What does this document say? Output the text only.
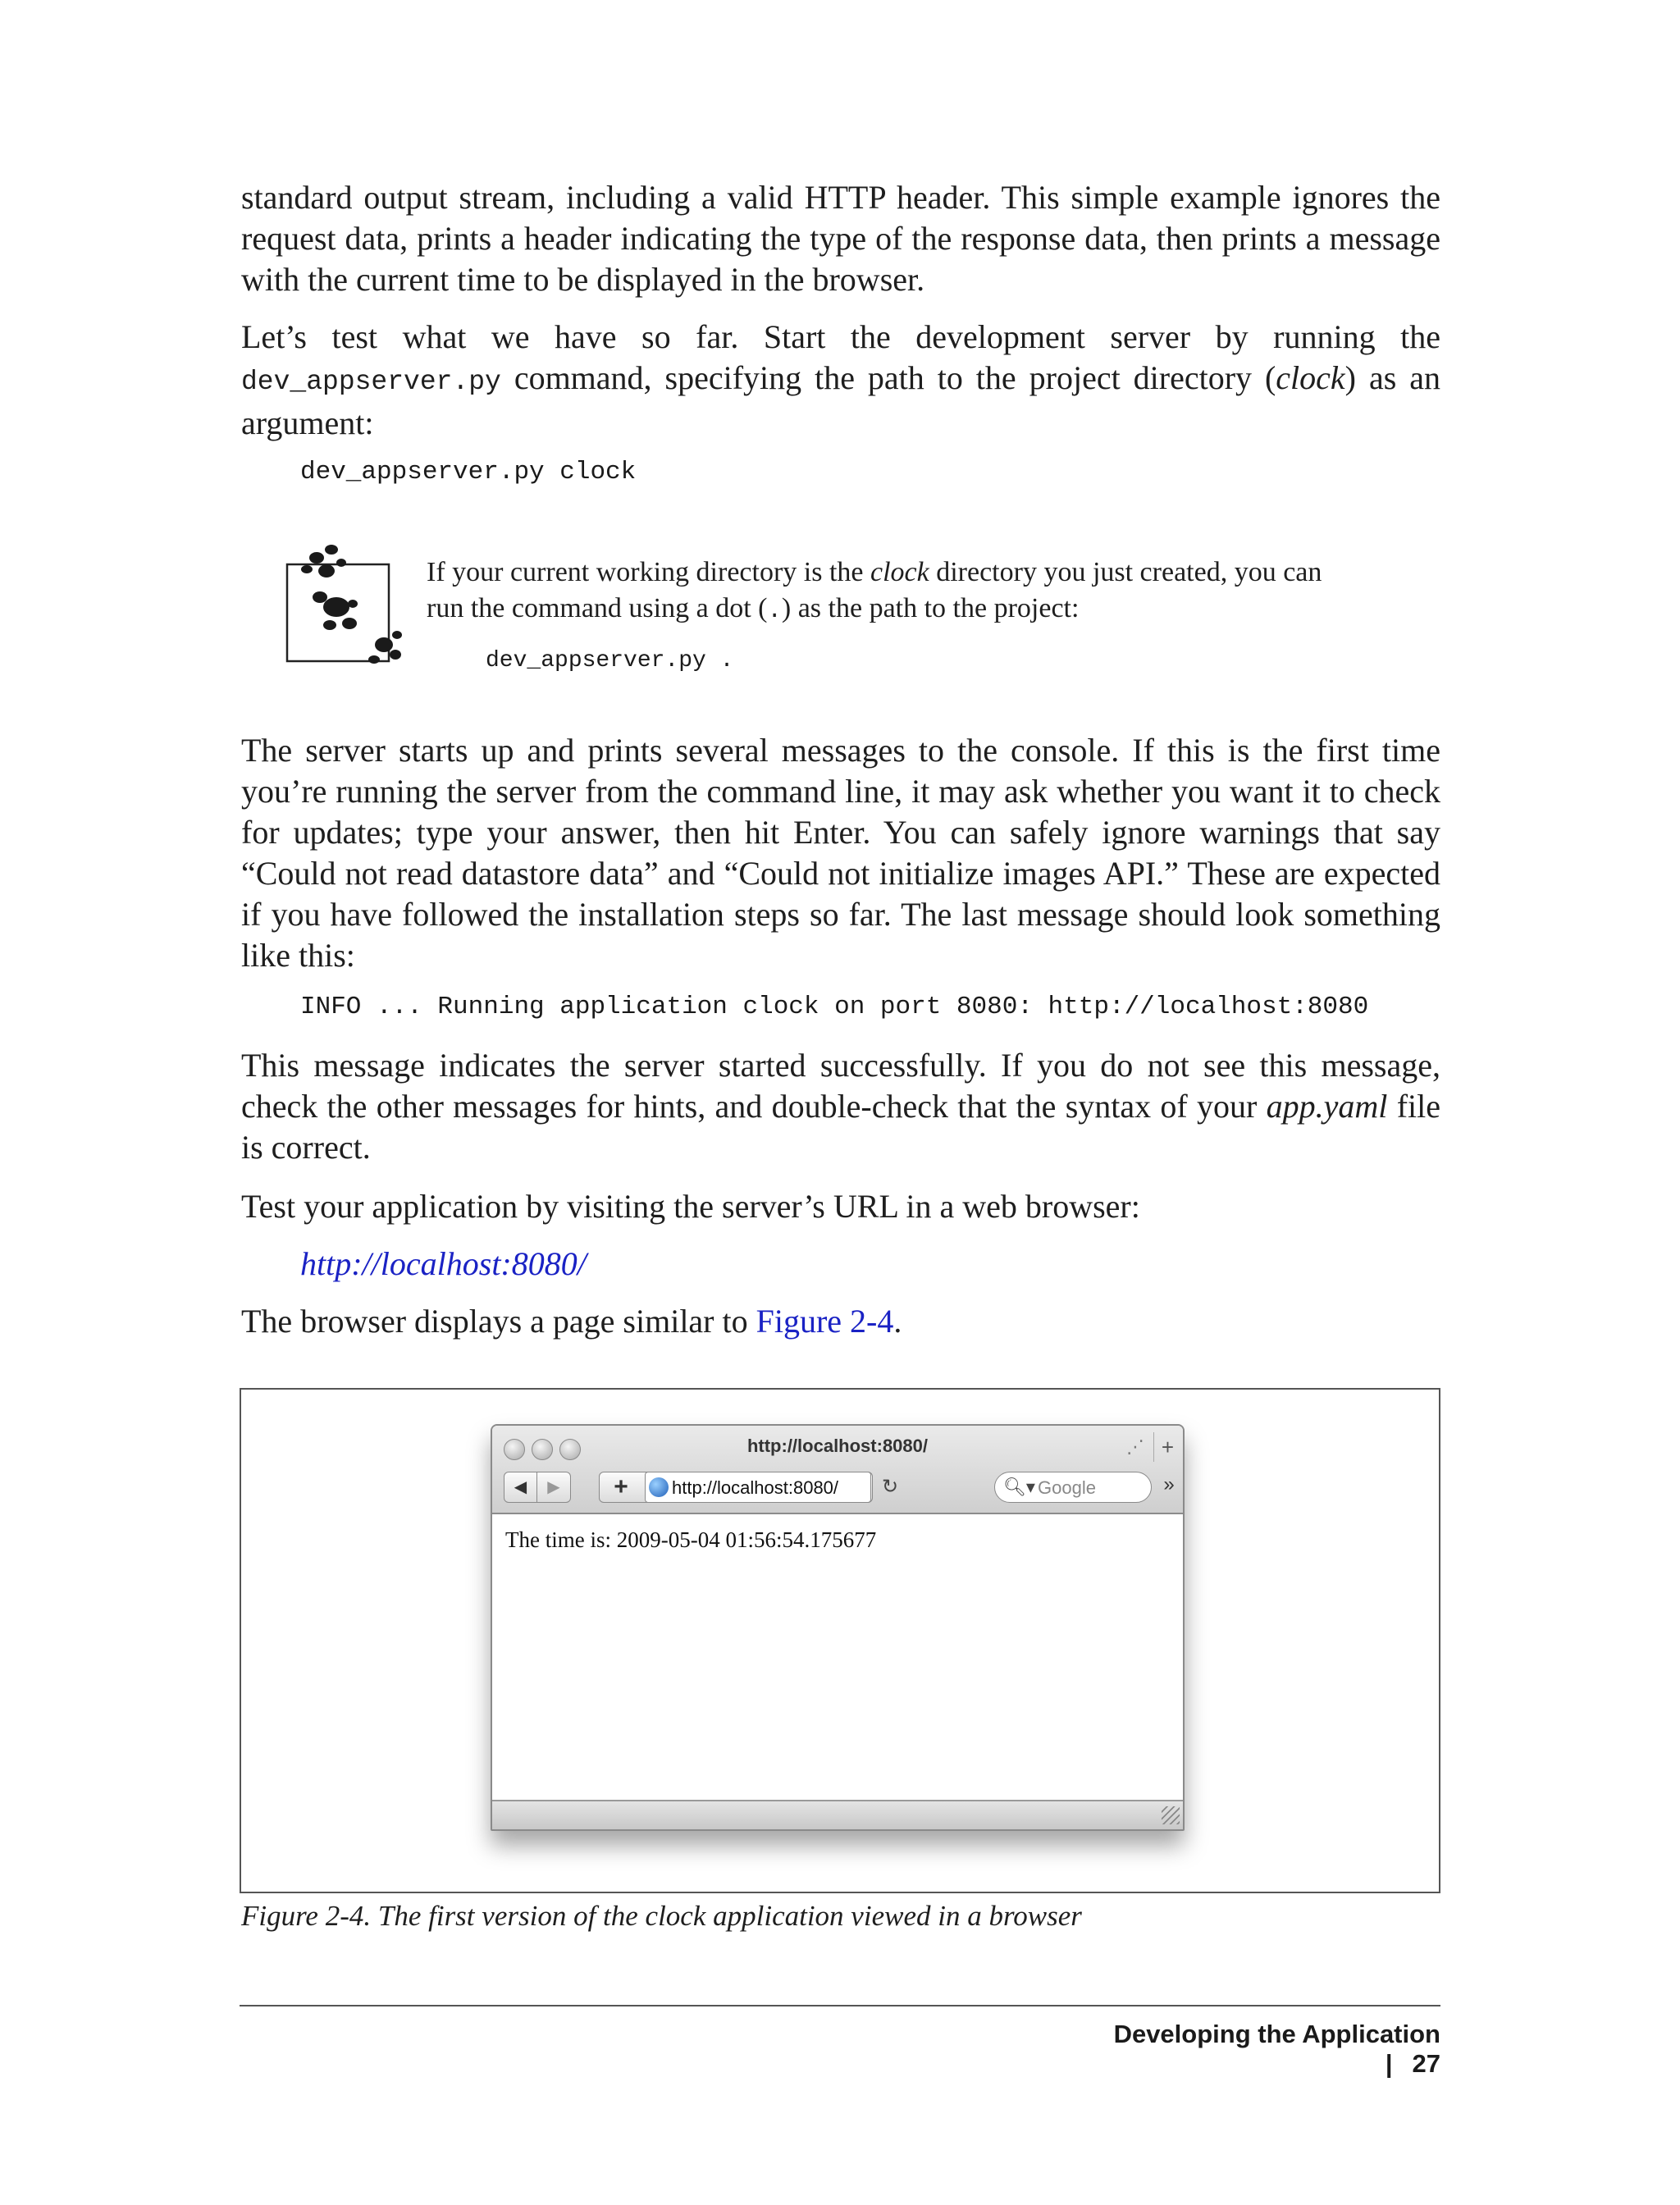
standard output stream, including a valid HTTP header. This simple example ignores the request data, prints a header indicating the type of the response data, then prints a message with the current time to be displayed in the browser.

Let’s test what we have so far. Start the development server by running the dev_appserver.py command, specifying the path to the project directory (clock) as an argument:

dev_appserver.py clock

If your current working directory is the clock directory you just created, you can run the command using a dot (.) as the path to the project:

dev_appserver.py .

The server starts up and prints several messages to the console. If this is the first time you’re running the server from the command line, it may ask whether you want it to check for updates; type your answer, then hit Enter. You can safely ignore warnings that say “Could not read datastore data” and “Could not initialize images API.” These are expected if you have followed the installation steps so far. The last message should look something like this:

INFO ... Running application clock on port 8080: http://localhost:8080

This message indicates the server started successfully. If you do not see this message, check the other messages for hints, and double-check that the syntax of your app.yaml file is correct.

Test your application by visiting the server’s URL in a web browser:

http://localhost:8080/

The browser displays a page similar to Figure 2-4.

http://localhost:8080/	⋰ +
◀	▶	+	http://localhost:8080/ ↻	🔍︎▾ Google	»
The time is: 2009-05-04 01:56:54.175677
Figure 2-4. The first version of the clock application viewed in a browser
Developing the Application| 27
